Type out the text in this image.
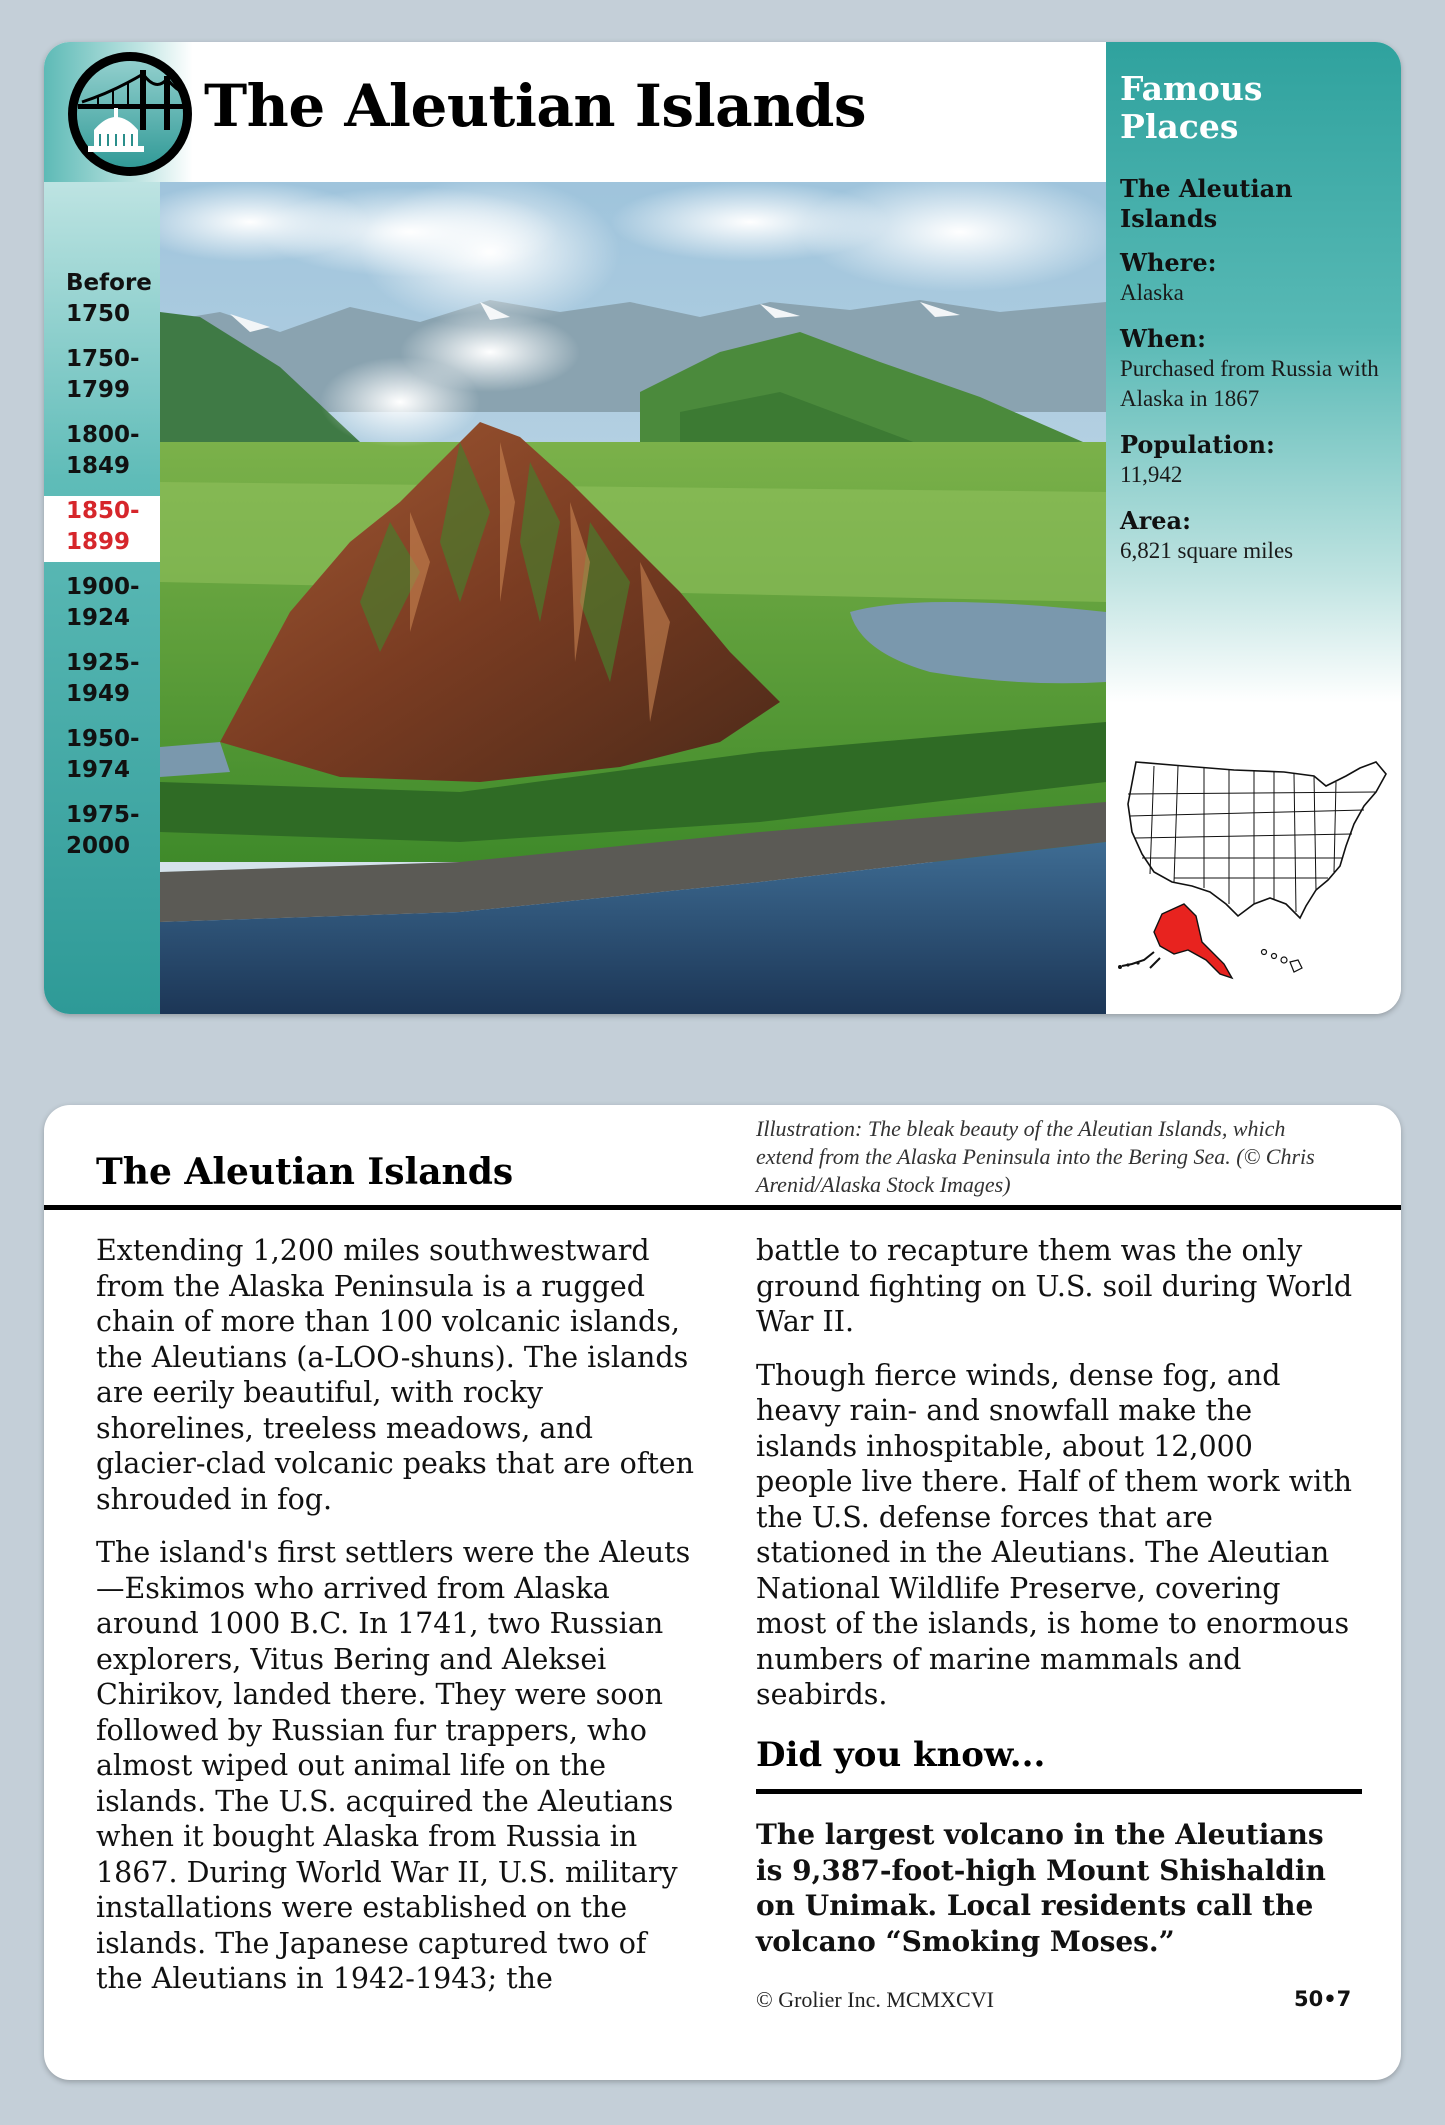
The Aleutian Islands
Before
1750
1750-
1799
1800-
1849
1850-
1899
1900-
1924
1925-
1949
1950-
1974
1975-
2000
Famous Places
The Aleutian Islands
Where:
Alaska
When:
Purchased from Russia with Alaska in 1867
Population:
11,942
Area:
6,821 square miles
The Aleutian Islands
Illustration: The bleak beauty of the Aleutian Islands, which extend from the Alaska Peninsula into the Bering Sea. (© Chris Arenid/Alaska Stock Images)

Extending 1,200 miles southwestward from the Alaska Peninsula is a rugged chain of more than 100 volcanic islands, the Aleutians (a-LOO-shuns). The islands are eerily beautiful, with rocky shorelines, treeless meadows, and glacier-clad volcanic peaks that are often shrouded in fog.

The island's first settlers were the Aleuts—Eskimos who arrived from Alaska around 1000 B.C. In 1741, two Russian explorers, Vitus Bering and Aleksei Chirikov, landed there. They were soon followed by Russian fur trappers, who almost wiped out animal life on the islands. The U.S. acquired the Aleutians when it bought Alaska from Russia in 1867. During World War II, U.S. military installations were established on the islands. The Japanese captured two of the Aleutians in 1942-1943; the

battle to recapture them was the only ground fighting on U.S. soil during World War II.

Though fierce winds, dense fog, and heavy rain- and snowfall make the islands inhospitable, about 12,000 people live there. Half of them work with the U.S. defense forces that are stationed in the Aleutians. The Aleutian National Wildlife Preserve, covering most of the islands, is home to enormous numbers of marine mammals and seabirds.

Did you know...
The largest volcano in the Aleutians is 9,387-foot-high Mount Shishaldin on Unimak. Local residents call the volcano “Smoking Moses.”
© Grolier Inc. MCMXCVI	50•7
